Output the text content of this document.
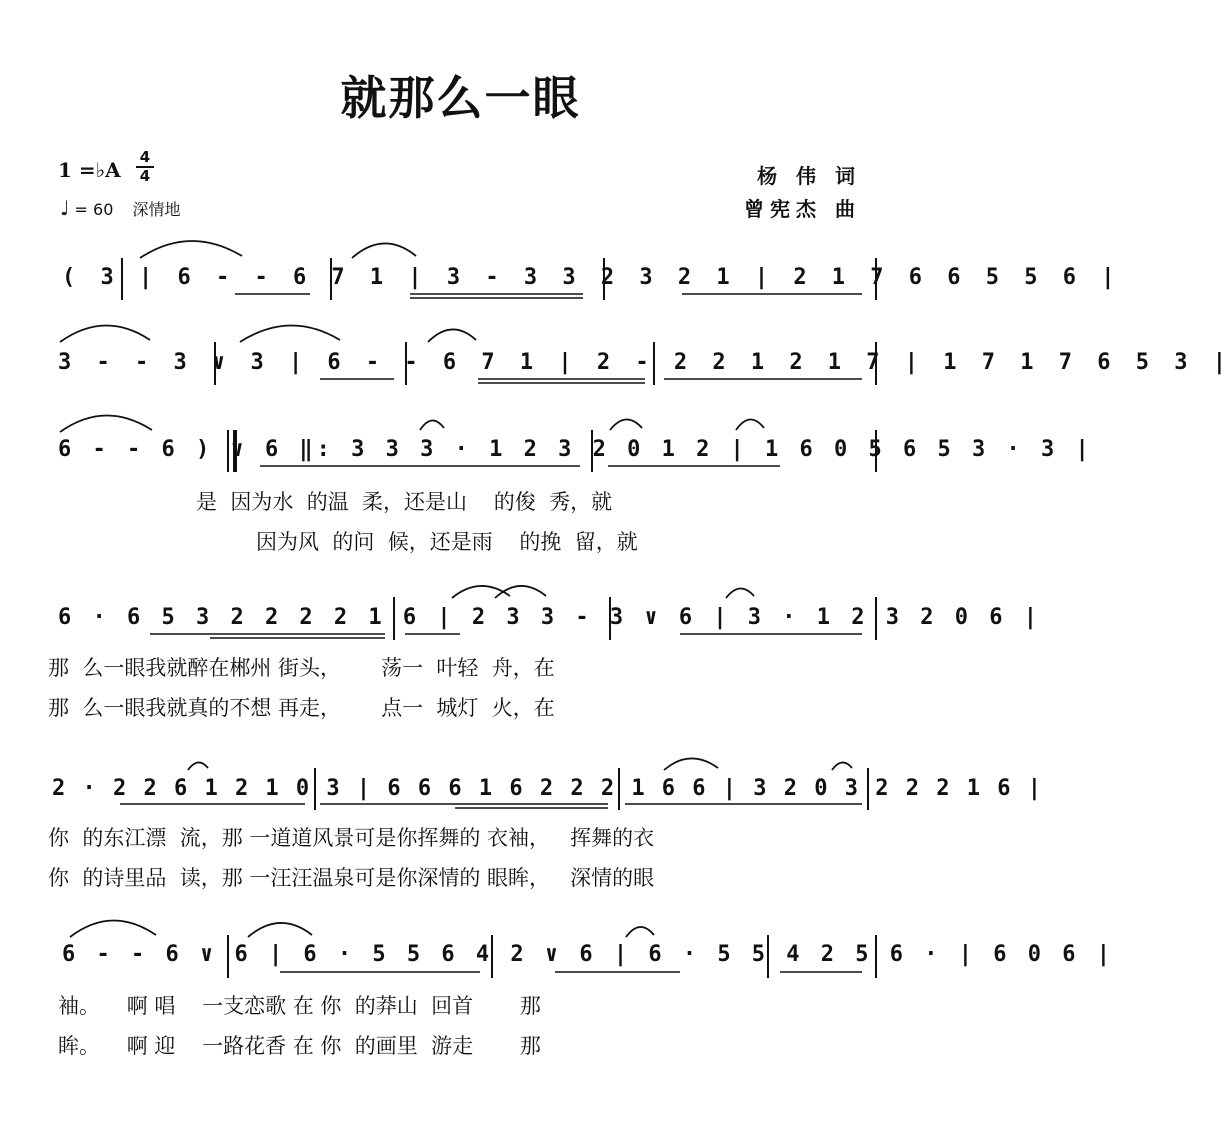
就那么一眼
1 =♭A
4
4
♩ = 60 深情地
杨 伟 词
曾宪杰 曲
( 3 | 6 - - 6 7 1 | 3 - 3 3 2 3 2 1 | 2 1 7 6 6 5 5 6 |
3 - - 3 ∨ 3 | 6 - - 6 7 1 | 2 - 2 2 1 2 1 7 | 1 7 1 7 6 5 3 |
6 - - 6 ) ∨ 6 ‖: 3 3 3 · 1 2 3 2 0 1 2 | 1 6 0 5 6 5 3 · 3 |
是  因为水  的温  柔，还是山    的俊  秀，就
因为风  的问  候，还是雨    的挽  留，就
6 · 6 5 3 2 2 2 2 1 6 | 2 3 3 - 3 ∨ 6 | 3 · 1 2 3 2 0 6 |
那  么一眼我就醉在郴州 街头，      荡一  叶轻  舟，在
那  么一眼我就真的不想 再走，      点一  城灯  火，在
2 · 2 2 6 1 2 1 0 3 | 6 6 6 1 6 2 2 2 1 6 6 | 3 2 0 3 2 2 2 1 6 |
你  的东江漂  流，那 一道道风景可是你挥舞的 衣袖，   挥舞的衣
你  的诗里品  读，那 一汪汪温泉可是你深情的 眼眸，   深情的眼
6 - - 6 ∨ 6 | 6 · 5 5 6 4 2 ∨ 6 | 6 · 5 5 4 2 5 6 · | 6 0 6 |
袖。    啊 唱    一支恋歌 在 你  的莽山  回首       那
眸。    啊 迎    一路花香 在 你  的画里  游走       那
